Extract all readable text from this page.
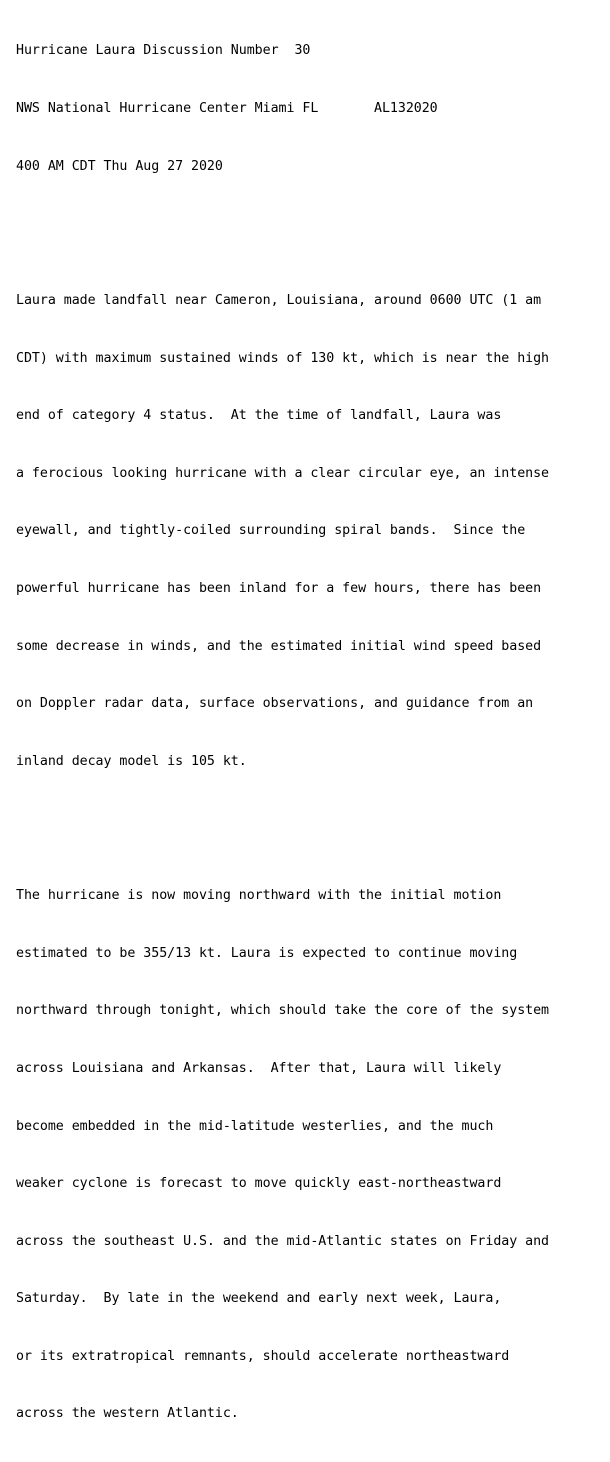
Hurricane Laura Discussion Number  30

NWS National Hurricane Center Miami FL       AL132020

400 AM CDT Thu Aug 27 2020

Laura made landfall near Cameron, Louisiana, around 0600 UTC (1 am

CDT) with maximum sustained winds of 130 kt, which is near the high

end of category 4 status.  At the time of landfall, Laura was

a ferocious looking hurricane with a clear circular eye, an intense

eyewall, and tightly-coiled surrounding spiral bands.  Since the

powerful hurricane has been inland for a few hours, there has been

some decrease in winds, and the estimated initial wind speed based

on Doppler radar data, surface observations, and guidance from an

inland decay model is 105 kt.

The hurricane is now moving northward with the initial motion

estimated to be 355/13 kt. Laura is expected to continue moving

northward through tonight, which should take the core of the system

across Louisiana and Arkansas.  After that, Laura will likely

become embedded in the mid-latitude westerlies, and the much

weaker cyclone is forecast to move quickly east-northeastward

across the southeast U.S. and the mid-Atlantic states on Friday and

Saturday.  By late in the weekend and early next week, Laura,

or its extratropical remnants, should accelerate northeastward

across the western Atlantic.
